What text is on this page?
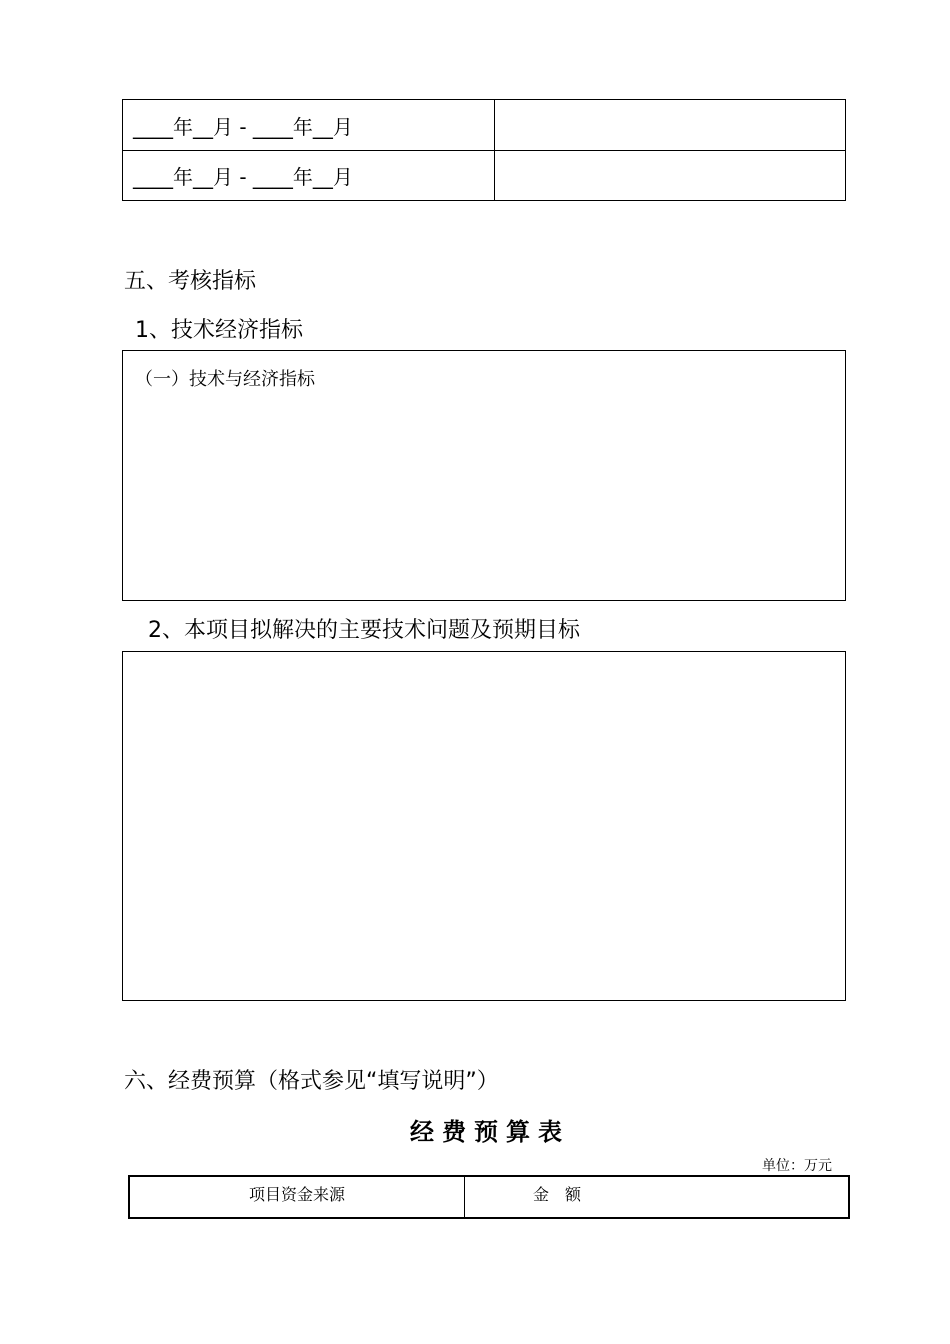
____年__月 - ____年__月	
____年__月 - ____年__月	
五、考核指标
1、技术经济指标
（一）技术与经济指标
2、本项目拟解决的主要技术问题及预期目标
六、经费预算（格式参见“填写说明”）
经费预算表
单位：万元
项目资金来源	金　额
